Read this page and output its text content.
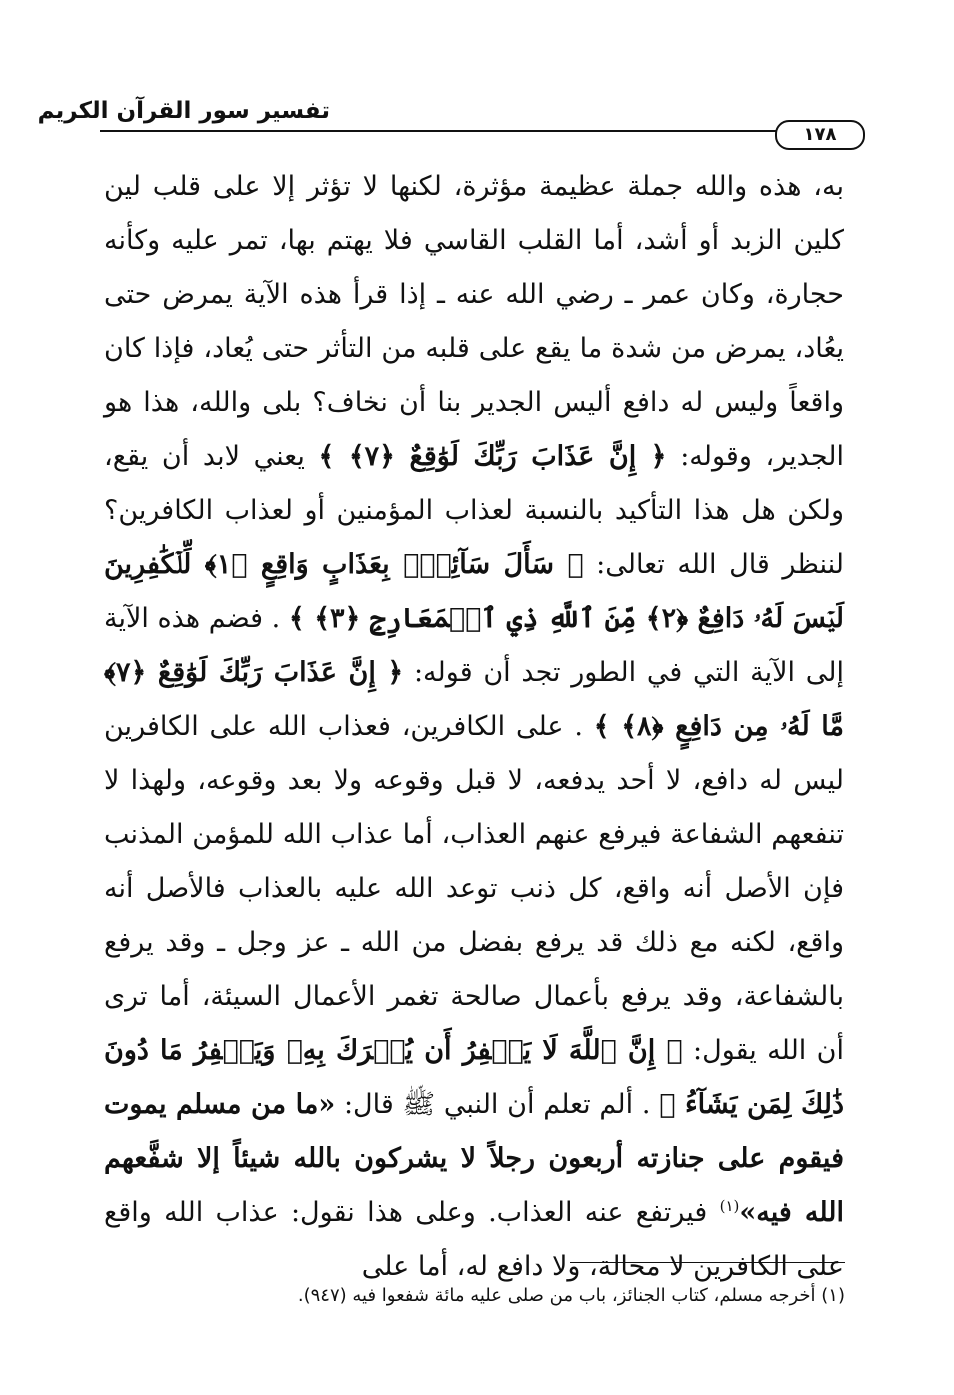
تفسير سور القرآن الكريم
١٧٨

به، هذه والله جملة عظيمة مؤثرة، لكنها لا تؤثر إلا على قلب لين كلين الزبد أو أشد، أما القلب القاسي فلا يهتم بها، تمر عليه وكأنه حجارة، وكان عمر ـ رضي الله عنه ـ إذا قرأ هذه الآية يمرض حتى يعُاد، يمرض من شدة ما يقع على قلبه من التأثر حتى يُعاد، فإذا كان واقعاً وليس له دافع أليس الجدير بنا أن نخاف؟ بلى والله، هذا هو الجدير، وقوله: ﴿ إِنَّ عَذَابَ رَبِّكَ لَوَٰقِعٌ ﴿٧﴾ ﴾ يعني لابد أن يقع، ولكن هل هذا التأكيد بالنسبة لعذاب المؤمنين أو لعذاب الكافرين؟ لننظر قال الله تعالى: ﴿ سَأَلَ سَآئِلٌۢ بِعَذَابٍ وَاقِعٍ ﴿١﴾ لِّلۡكَٰفِرِينَ لَيۡسَ لَهُۥ دَافِعٌ ﴿٢﴾ مِّنَ ٱللَّهِ ذِي ٱلۡمَعَارِجِ ﴿٣﴾ ﴾ . فضم هذه الآية إلى الآية التي في الطور تجد أن قوله: ﴿ إِنَّ عَذَابَ رَبِّكَ لَوَٰقِعٌ ﴿٧﴾ مَّا لَهُۥ مِن دَافِعٍ ﴿٨﴾ ﴾ . على الكافرين، فعذاب الله على الكافرين ليس له دافع، لا أحد يدفعه، لا قبل وقوعه ولا بعد وقوعه، ولهذا لا تنفعهم الشفاعة فيرفع عنهم العذاب، أما عذاب الله للمؤمن المذنب فإن الأصل أنه واقع، كل ذنب توعد الله عليه بالعذاب فالأصل أنه واقع، لكنه مع ذلك قد يرفع بفضل من الله ـ عز وجل ـ وقد يرفع بالشفاعة، وقد يرفع بأعمال صالحة تغمر الأعمال السيئة، أما ترى أن الله يقول: ﴿ إِنَّ ٱللَّهَ لَا يَغۡفِرُ أَن يُشۡرَكَ بِهِۦ وَيَغۡفِرُ مَا دُونَ ذَٰلِكَ لِمَن يَشَآءُ ﴾ . ألم تعلم أن النبي ﷺ قال: «ما من مسلم يموت فيقوم على جنازته أربعون رجلاً لا يشركون بالله شيئاً إلا شفَّعهم الله فيه»$^{(١)}$ فيرتفع عنه العذاب. وعلى هذا نقول: عذاب الله واقع على الكافرين لا محالة، ولا دافع له، أما على

(١) أخرجه مسلم، كتاب الجنائز، باب من صلى عليه مائة شفعوا فيه (٩٤٧).
